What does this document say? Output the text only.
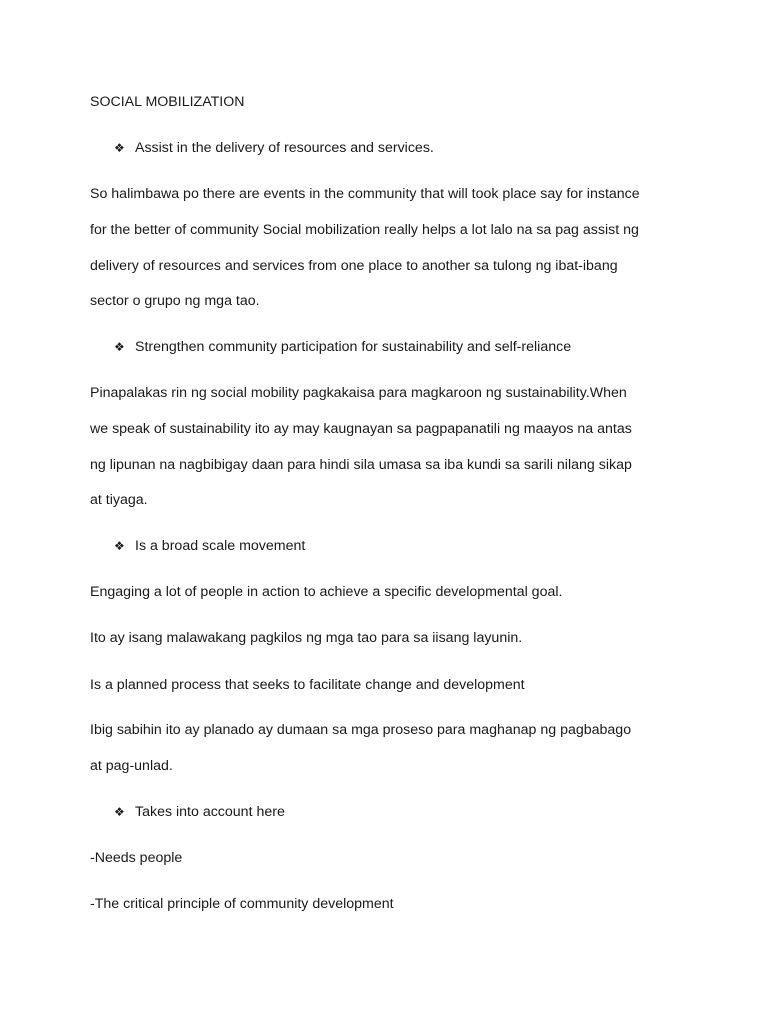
SOCIAL MOBILIZATION
❖ Assist in the delivery of resources and services.
So halimbawa po there are events in the community that will took place say for instance
for the better of community Social mobilization really helps a lot lalo na sa pag assist ng
delivery of resources and services from one place to another sa tulong ng ibat-ibang
sector o grupo ng mga tao.
❖ Strengthen community participation for sustainability and self-reliance
Pinapalakas rin ng social mobility pagkakaisa para magkaroon ng sustainability.When
we speak of sustainability ito ay may kaugnayan sa pagpapanatili ng maayos na antas
ng lipunan na nagbibigay daan para hindi sila umasa sa iba kundi sa sarili nilang sikap
at tiyaga.
❖ Is a broad scale movement
Engaging a lot of people in action to achieve a specific developmental goal.
Ito ay isang malawakang pagkilos ng mga tao para sa iisang layunin.
Is a planned process that seeks to facilitate change and development
Ibig sabihin ito ay planado ay dumaan sa mga proseso para maghanap ng pagbabago
at pag-unlad.
❖ Takes into account here
-Needs people
-The critical principle of community development
